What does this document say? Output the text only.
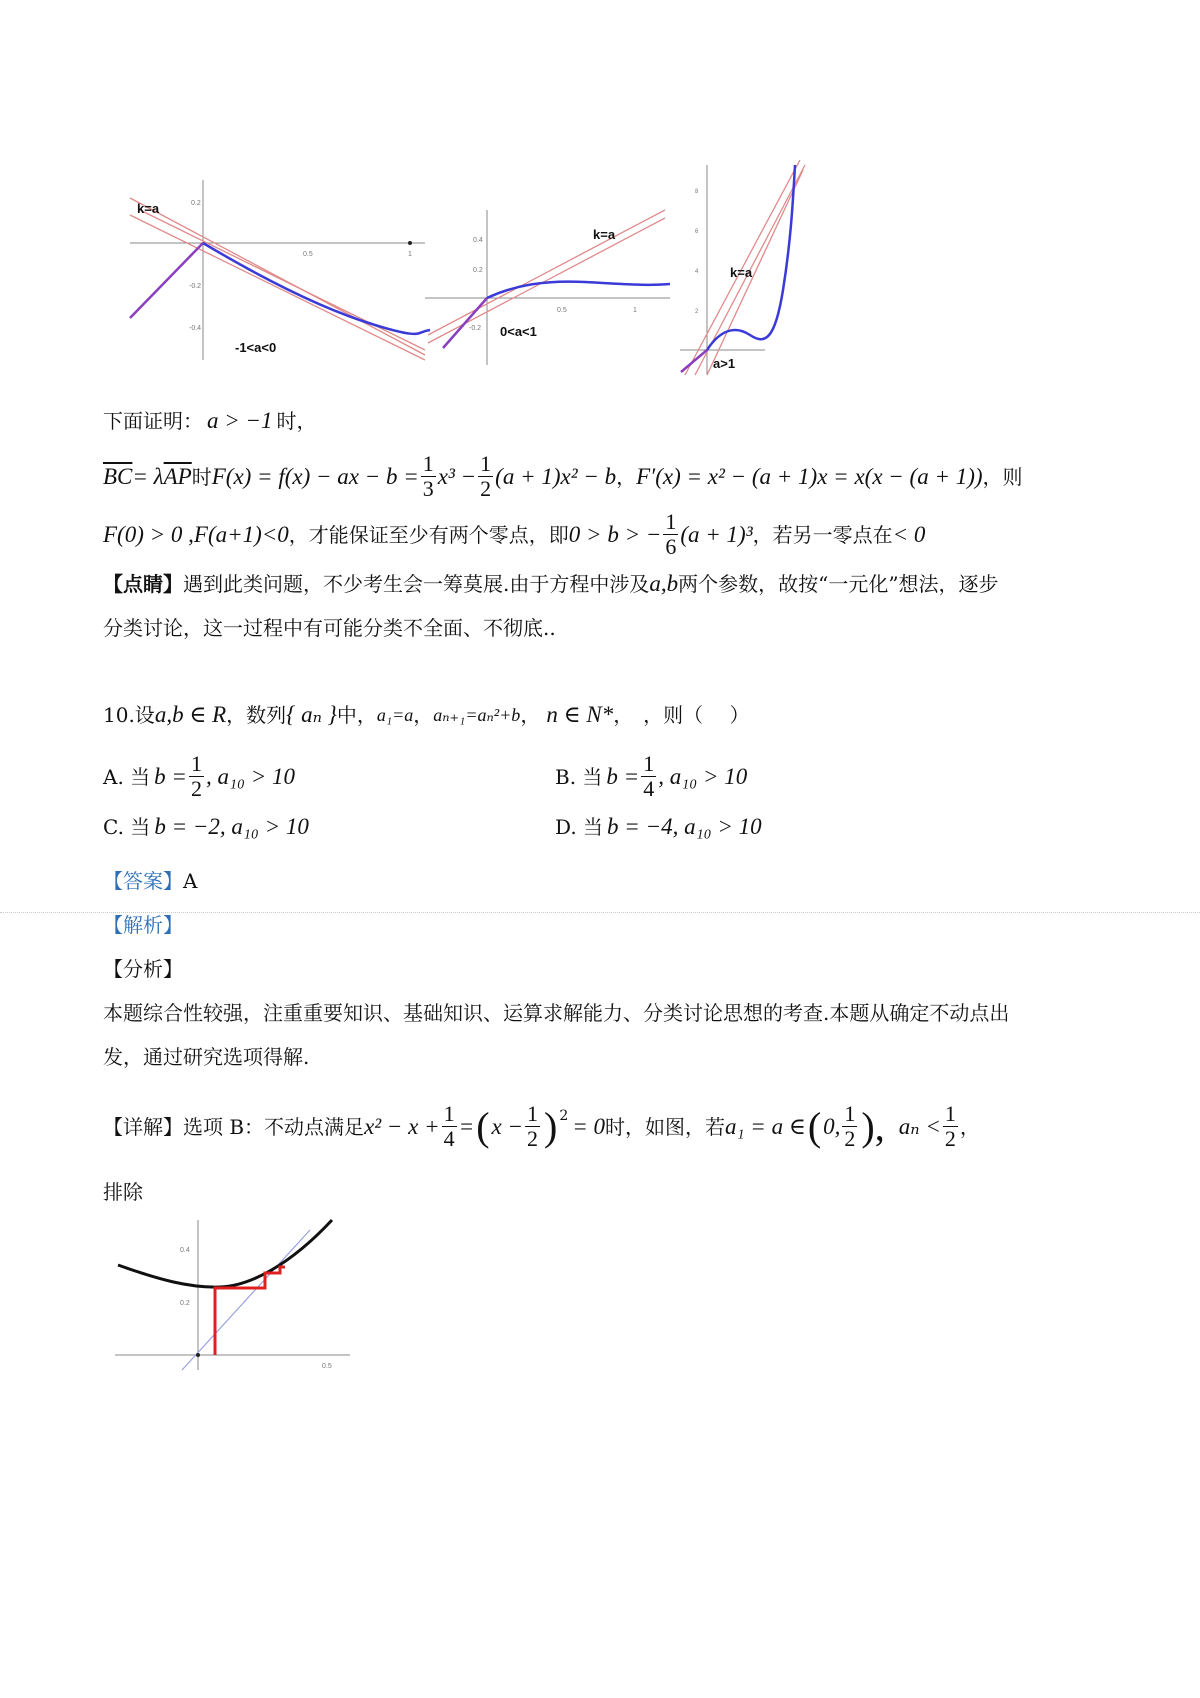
0.2
-0.2
-0.4
0.5	1
k=a
-1<a<0
0.4
0.2
-0.2
0.5	1
k=a
0<a<1
8
6
4
2
k=a
a>1
下面证明： a > −1 时，
$\overline{BC} = \lambda$ $\overline{AP}$ 时 F(x) = f(x) − ax − $b = \frac{1}{3} x^3 - \frac{1}{2} (a + 1)x^2 - b$ ， F′(x) = x² − (a + 1)x = x(x − (a + 1)) ，则
F(0) > 0 ,F(a+1)<0 ，才能保证至少有两个零点，即 0 > b > − $\frac{1}{6} (a + 1)^3$ ，若另一零点在 < 0
【点睛】遇到此类问题，不少考生会一筹莫展.由于方程中涉及a,b两个参数，故按“一元化”想法，逐步
分类讨论，这一过程中有可能分类不全面、不彻底..
10.设 a,b ∈ R ，数列 { aₙ } 中， a₁=a ， aₙ₊₁=aₙ²+b ， n ∈ N* ，　，则（　 ）
A. 当 $b = \frac{1}{2}$ , a₁₀ > 10	B. 当 $b = \frac{1}{4}$ , a₁₀ > 10
C. 当 b = −2, a₁₀ > 10	D. 当 b = −4, a₁₀ > 10
【答案】A
【解析】
【分析】
本题综合性较强，注重重要知识、基础知识、运算求解能力、分类讨论思想的考查.本题从确定不动点出
发，通过研究选项得解.
【详解】 选项 B：不动点满足 $x^2 - x + \frac{1}{4}$ = ( $x - \frac{1}{2}$ ) 2 = 0 时，如图，若 a₁ = a ∈ ( 0, $\frac{1}{2}$ ), $a_n < \frac{1}{2}$ ，
排除
0.4
0.2
0.5
